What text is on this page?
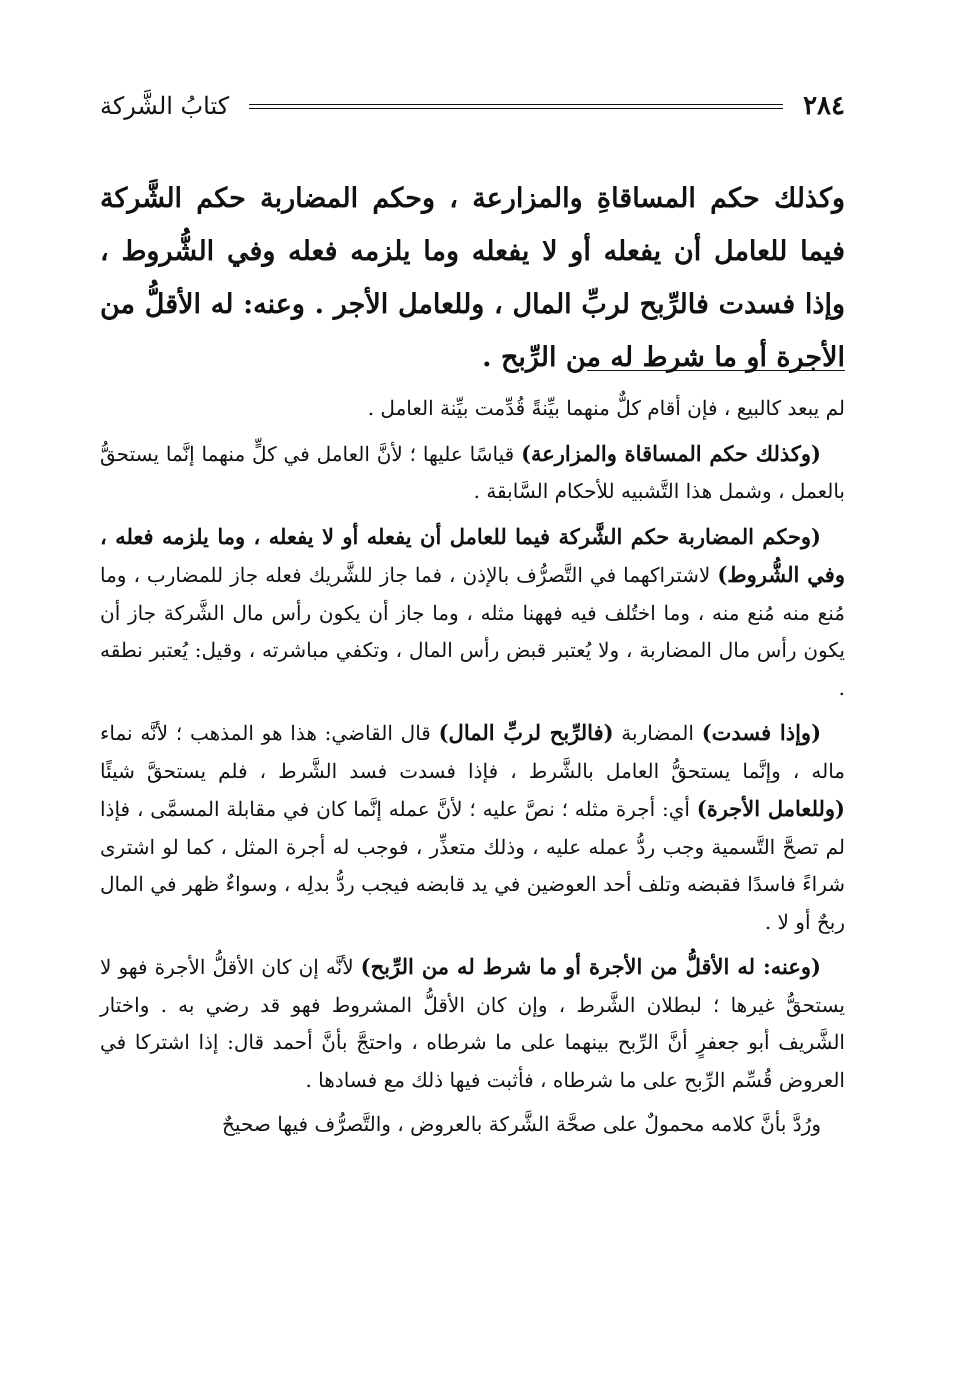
٢٨٤
كتابُ الشَّركة
وكذلك حكم المساقاةِ والمزارعة ، وحكم المضاربة حكم الشَّركة فيما للعامل أن يفعله أو لا يفعله وما يلزمه فعله وفي الشُّروط ، وإذا فسدت فالرِّبح لربِّ المال ، وللعامل الأجر . وعنه: له الأقلُّ من الأجرة أو ما شرط له من الرِّبح .

لم يبعد كالبيع ، فإن أقام كلٌّ منهما بيِّنةً قُدِّمت بيِّنة العامل .

(وكذلك حكم المساقاة والمزارعة) قياسًا عليها ؛ لأنَّ العامل في كلٍّ منهما إنَّما يستحقُّ بالعمل ، وشمل هذا التَّشبيه للأحكام السَّابقة .

(وحكم المضاربة حكم الشَّركة فيما للعامل أن يفعله أو لا يفعله ، وما يلزمه فعله ، وفي الشُّروط) لاشتراكهما في التَّصرُّف بالإذن ، فما جاز للشَّريك فعله جاز للمضارب ، وما مُنع منه مُنع منه ، وما اختُلف فيه فههنا مثله ، وما جاز أن يكون رأس مال الشَّركة جاز أن يكون رأس مال المضاربة ، ولا يُعتبر قبض رأس المال ، وتكفي مباشرته ، وقيل: يُعتبر نطقه .

(وإذا فسدت) المضاربة (فالرِّبح لربِّ المال) قال القاضي: هذا هو المذهب ؛ لأنَّه نماء ماله ، وإنَّما يستحقُّ العامل بالشَّرط ، فإذا فسدت فسد الشَّرط ، فلم يستحقَّ شيئًا (وللعامل الأجرة) أي: أجرة مثله ؛ نصَّ عليه ؛ لأنَّ عمله إنَّما كان في مقابلة المسمَّى ، فإذا لم تصحَّ التَّسمية وجب ردُّ عمله عليه ، وذلك متعذِّر ، فوجب له أجرة المثل ، كما لو اشترى شراءً فاسدًا فقبضه وتلف أحد العوضين في يد قابضه فيجب ردُّ بدلِه ، وسواءٌ ظهر في المال ربحٌ أو لا .

(وعنه: له الأقلُّ من الأجرة أو ما شرط له من الرِّبح) لأنَّه إن كان الأقلُّ الأجرة فهو لا يستحقُّ غيرها ؛ لبطلان الشَّرط ، وإن كان الأقلُّ المشروط فهو قد رضي به . واختار الشَّريف أبو جعفرٍ أنَّ الرِّبح بينهما على ما شرطاه ، واحتجَّ بأنَّ أحمد قال: إذا اشتركا في العروض قُسِّم الرِّبح على ما شرطاه ، فأثبت فيها ذلك مع فسادها .

ورُدَّ بأنَّ كلامه محمولٌ على صحَّة الشَّركة بالعروض ، والتَّصرُّف فيها صحيحٌ
